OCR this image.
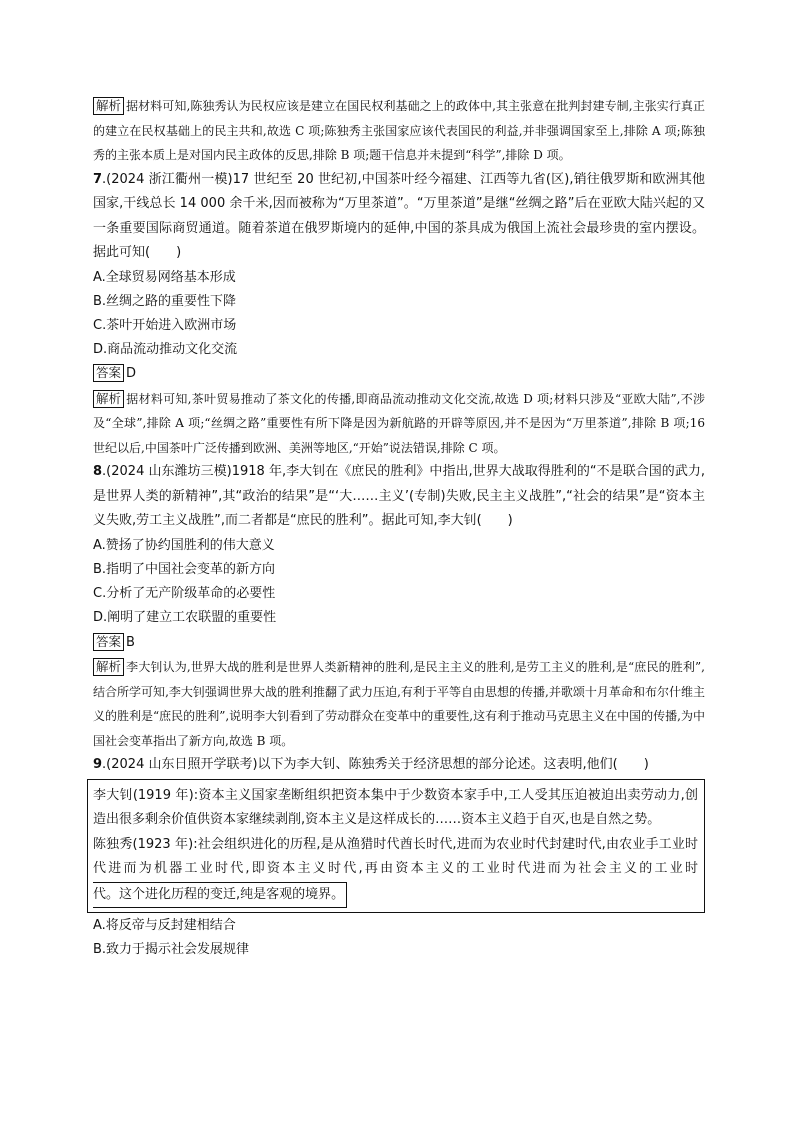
解析 据材料可知,陈独秀认为民权应该是建立在国民权利基础之上的政体中,其主张意在批判封建专制,主张实行真正的建立在民权基础上的民主共和,故选 C 项;陈独秀主张国家应该代表国民的利益,并非强调国家至上,排除 A 项;陈独秀的主张本质上是对国内民主政体的反思,排除 B 项;题干信息并未提到“科学”,排除 D 项。

7.(2024 浙江衢州一模)17 世纪至 20 世纪初,中国茶叶经今福建、江西等九省(区),销往俄罗斯和欧洲其他国家,干线总长 14 000 余千米,因而被称为“万里茶道”。“万里茶道”是继“丝绸之路”后在亚欧大陆兴起的又一条重要国际商贸通道。随着茶道在俄罗斯境内的延伸,中国的茶具成为俄国上流社会最珍贵的室内摆设。据此可知(　　)

A.全球贸易网络基本形成

B.丝绸之路的重要性下降

C.茶叶开始进入欧洲市场

D.商品流动推动文化交流

答案 D

解析 据材料可知,茶叶贸易推动了茶文化的传播,即商品流动推动文化交流,故选 D 项;材料只涉及“亚欧大陆”,不涉及“全球”,排除 A 项;“丝绸之路”重要性有所下降是因为新航路的开辟等原因,并不是因为“万里茶道”,排除 B 项;16 世纪以后,中国茶叶广泛传播到欧洲、美洲等地区,“开始”说法错误,排除 C 项。

8.(2024 山东潍坊三模)1918 年,李大钊在《庶民的胜利》中指出,世界大战取得胜利的“不是联合国的武力,是世界人类的新精神”,其“政治的结果”是“‘大……主义’(专制)失败,民主主义战胜”,“社会的结果”是“资本主义失败,劳工主义战胜”,而二者都是“庶民的胜利”。据此可知,李大钊(　　)

A.赞扬了协约国胜利的伟大意义

B.指明了中国社会变革的新方向

C.分析了无产阶级革命的必要性

D.阐明了建立工农联盟的重要性

答案 B

解析 李大钊认为,世界大战的胜利是世界人类新精神的胜利,是民主主义的胜利,是劳工主义的胜利,是“庶民的胜利”,结合所学可知,李大钊强调世界大战的胜利推翻了武力压迫,有利于平等自由思想的传播,并歌颂十月革命和布尔什维主义的胜利是“庶民的胜利”,说明李大钊看到了劳动群众在变革中的重要性,这有利于推动马克思主义在中国的传播,为中国社会变革指出了新方向,故选 B 项。

9.(2024 山东日照开学联考)以下为李大钊、陈独秀关于经济思想的部分论述。这表明,他们(　　)

李大钊(1919 年):资本主义国家垄断组织把资本集中于少数资本家手中,工人受其压迫被迫出卖劳动力,创造出很多剩余价值供资本家继续剥削,资本主义是这样成长的……资本主义趋于自灭,也是自然之势。

陈独秀(1923 年):社会组织进化的历程,是从渔猎时代酋长时代,进而为农业时代封建时代,由农业手工业时代进而为机器工业时代,即资本主义时代,再由资本主义的工业时代进而为社会主义的工业时代。这个进化历程的变迁,纯是客观的境界。

A.将反帝与反封建相结合

B.致力于揭示社会发展规律
